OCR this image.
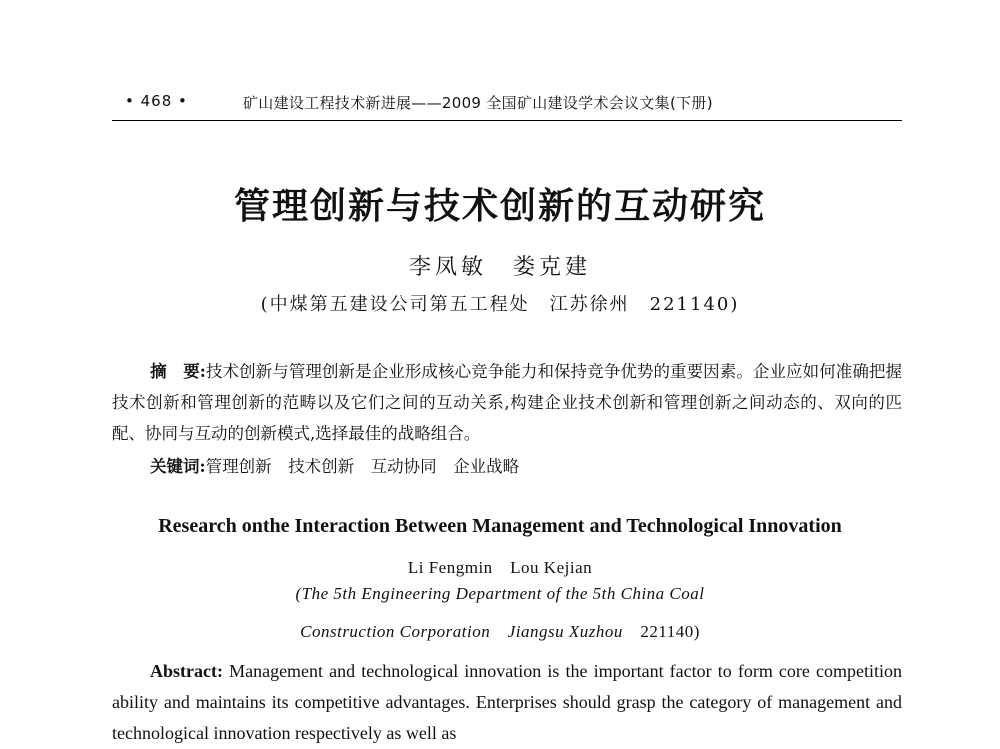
• 468 •	矿山建设工程技术新进展——2009 全国矿山建设学术会议文集(下册)
管理创新与技术创新的互动研究
李凤敏　娄克建
(中煤第五建设公司第五工程处　江苏徐州　221140)
摘　要:技术创新与管理创新是企业形成核心竞争能力和保持竞争优势的重要因素。企业应如何准确把握技术创新和管理创新的范畴以及它们之间的互动关系,构建企业技术创新和管理创新之间动态的、双向的匹配、协同与互动的创新模式,选择最佳的战略组合。
关键词:管理创新　技术创新　互动协同　企业战略
Research onthe Interaction Between Management and Technological Innovation
Li Fengmin　Lou Kejian
(The 5th Engineering Department of the 5th China Coal
Construction Corporation　Jiangsu Xuzhou　221140)
Abstract: Management and technological innovation is the important factor to form core competition ability and maintains its competitive advantages. Enterprises should grasp the category of management and technological innovation respectively as well as
